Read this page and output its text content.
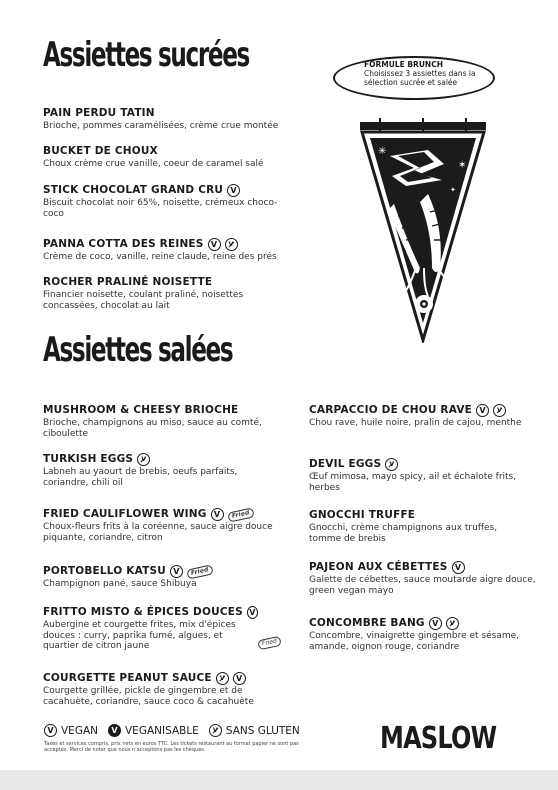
Assiettes sucrées	FORMULE BRUNCH
Choisissez 3 assiettes dans la sélection sucrée et salée
✳
✶
✦
PAIN PERDU TATIN
Brioche, pommes caramélisées, crème crue montée
BUCKET DE CHOUX
Choux crème crue vanille, coeur de caramel salé
STICK CHOCOLAT GRAND CRU V
Biscuit chocolat noir 65%, noisette, crémeux choco-coco
PANNA COTTA DES REINES V
Crème de coco, vanille, reine claude, reine des prés
ROCHER PRALINÉ NOISETTE
Financier noisette, coulant praliné, noisettes concassées, chocolat au lait
Assiettes salées
MUSHROOM & CHEESY BRIOCHE
Brioche, champignons au miso, sauce au comté, ciboulette
TURKISH EGGS
Labneh au yaourt de brebis, oeufs parfaits, coriandre, chili oil
FRIED CAULIFLOWER WING V	Fried
Choux-fleurs frits à la coréenne, sauce aigre douce piquante, coriandre, citron
PORTOBELLO KATSU V	Fried
Champignon pané, sauce Shibuya
FRITTO MISTO & ÉPICES DOUCES V
Aubergine et courgette frites, mix d'épices douces : curry, paprika fumé, algues, et quartier de citron jaune	Fried
COURGETTE PEANUT SAUCE	V
Courgette grillée, pickle de gingembre et de cacahuète, coriandre, sauce coco & cacahuète
CARPACCIO DE CHOU RAVE V
Chou rave, huile noire, pralin de cajou, menthe
DEVIL EGGS
Œuf mimosa, mayo spicy, ail et échalote frits, herbes
GNOCCHI TRUFFE
Gnocchi, crème champignons aux truffes, tomme de brebis
PAJEON AUX CÉBETTES V
Galette de cébettes, sauce moutarde aigre douce, green vegan mayo
CONCOMBRE BANG V
Concombre, vinaigrette gingembre et sésame, amande, oignon rouge, coriandre
V VEGAN	V VEGANISABLE	SANS GLUTEN
Taxes et services compris, prix nets en euros TTC. Les tickets restaurant au format papier ne sont pas acceptés. Merci de noter que nous n'acceptons pas les chèques.	MASLOW
